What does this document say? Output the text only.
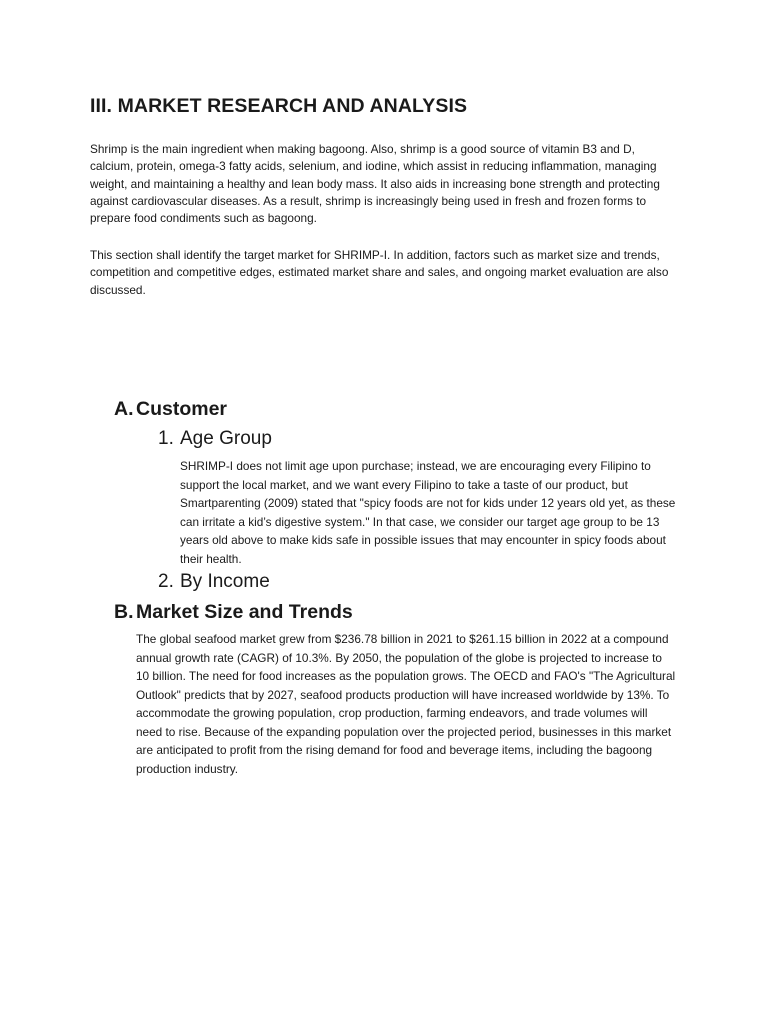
III. MARKET RESEARCH AND ANALYSIS

Shrimp is the main ingredient when making bagoong. Also, shrimp is a good source of vitamin B3 and D, calcium, protein, omega-3 fatty acids, selenium, and iodine, which assist in reducing inflammation, managing weight, and maintaining a healthy and lean body mass. It also aids in increasing bone strength and protecting against cardiovascular diseases. As a result, shrimp is increasingly being used in fresh and frozen forms to prepare food condiments such as bagoong.

This section shall identify the target market for SHRIMP-I. In addition, factors such as market size and trends, competition and competitive edges, estimated market share and sales, and ongoing market evaluation are also discussed.

A. Customer
1. Age Group

SHRIMP-I does not limit age upon purchase; instead, we are encouraging every Filipino to support the local market, and we want every Filipino to take a taste of our product, but Smartparenting (2009) stated that "spicy foods are not for kids under 12 years old yet, as these can irritate a kid’s digestive system." In that case, we consider our target age group to be 13 years old above to make kids safe in possible issues that may encounter in spicy foods about their health.

2. By Income
B. Market Size and Trends

The global seafood market grew from $236.78 billion in 2021 to $261.15 billion in 2022 at a compound annual growth rate (CAGR) of 10.3%. By 2050, the population of the globe is projected to increase to 10 billion. The need for food increases as the population grows. The OECD and FAO's "The Agricultural Outlook" predicts that by 2027, seafood products production will have increased worldwide by 13%. To accommodate the growing population, crop production, farming endeavors, and trade volumes will need to rise. Because of the expanding population over the projected period, businesses in this market are anticipated to profit from the rising demand for food and beverage items, including the bagoong production industry.
